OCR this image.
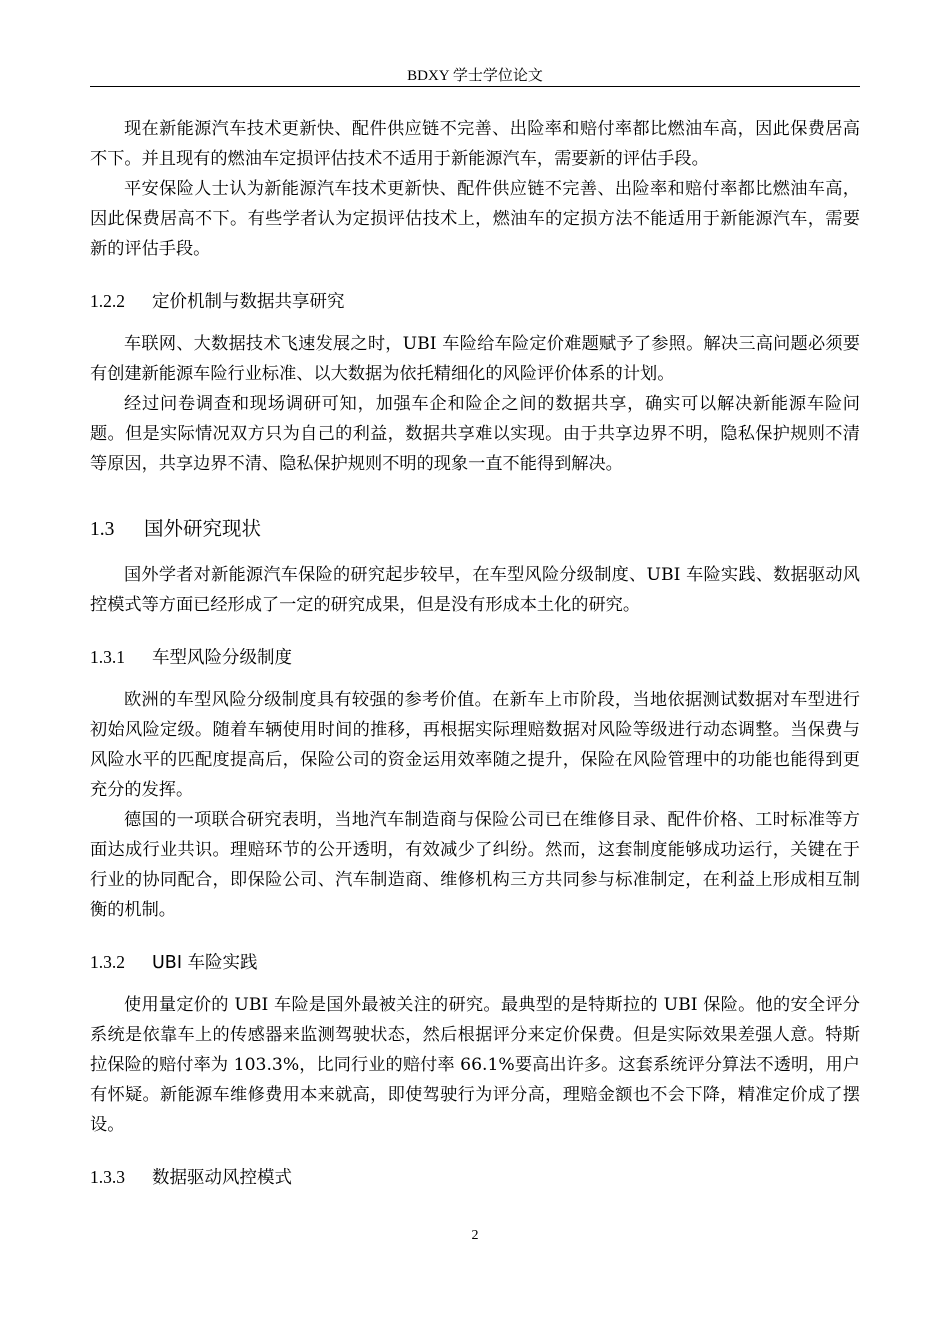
BDXY 学士学位论文

现在新能源汽车技术更新快、配件供应链不完善、出险率和赔付率都比燃油车高，因此保费居高不下。并且现有的燃油车定损评估技术不适用于新能源汽车，需要新的评估手段。

平安保险人士认为新能源汽车技术更新快、配件供应链不完善、出险率和赔付率都比燃油车高，因此保费居高不下。有些学者认为定损评估技术上，燃油车的定损方法不能适用于新能源汽车，需要新的评估手段。

1.2.2 定价机制与数据共享研究

车联网、大数据技术飞速发展之时，UBI 车险给车险定价难题赋予了参照。解决三高问题必须要有创建新能源车险行业标准、以大数据为依托精细化的风险评价体系的计划。

经过问卷调查和现场调研可知，加强车企和险企之间的数据共享，确实可以解决新能源车险问题。但是实际情况双方只为自己的利益，数据共享难以实现。由于共享边界不明，隐私保护规则不清等原因，共享边界不清、隐私保护规则不明的现象一直不能得到解决。

1.3 国外研究现状

国外学者对新能源汽车保险的研究起步较早，在车型风险分级制度、UBI 车险实践、数据驱动风控模式等方面已经形成了一定的研究成果，但是没有形成本土化的研究。

1.3.1 车型风险分级制度

欧洲的车型风险分级制度具有较强的参考价值。在新车上市阶段，当地依据测试数据对车型进行初始风险定级。随着车辆使用时间的推移，再根据实际理赔数据对风险等级进行动态调整。当保费与风险水平的匹配度提高后，保险公司的资金运用效率随之提升，保险在风险管理中的功能也能得到更充分的发挥。

德国的一项联合研究表明，当地汽车制造商与保险公司已在维修目录、配件价格、工时标准等方面达成行业共识。理赔环节的公开透明，有效减少了纠纷。然而，这套制度能够成功运行，关键在于行业的协同配合，即保险公司、汽车制造商、维修机构三方共同参与标准制定，在利益上形成相互制衡的机制。

1.3.2 UBI 车险实践

使用量定价的 UBI 车险是国外最被关注的研究。最典型的是特斯拉的 UBI 保险。他的安全评分系统是依靠车上的传感器来监测驾驶状态，然后根据评分来定价保费。但是实际效果差强人意。特斯拉保险的赔付率为 103.3%，比同行业的赔付率 66.1%要高出许多。这套系统评分算法不透明，用户有怀疑。新能源车维修费用本来就高，即使驾驶行为评分高，理赔金额也不会下降，精准定价成了摆设。

1.3.3 数据驱动风控模式
2
